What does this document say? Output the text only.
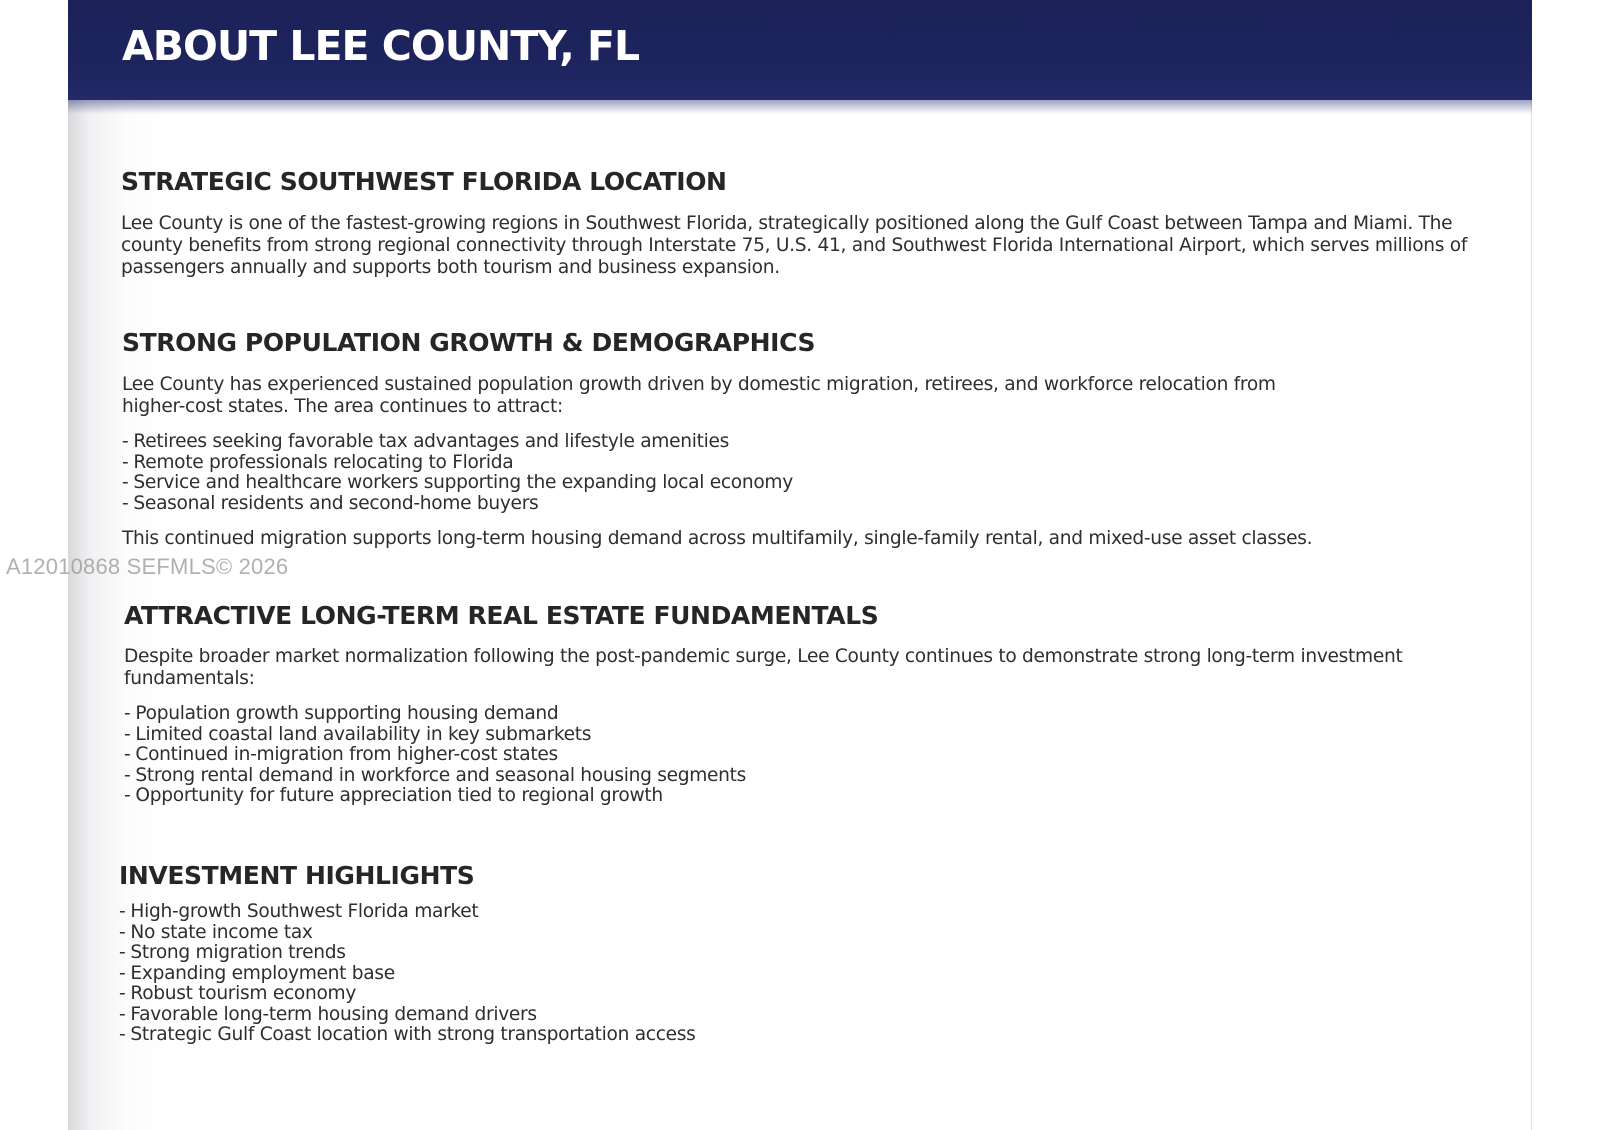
ABOUT LEE COUNTY, FL
STRATEGIC SOUTHWEST FLORIDA LOCATION

Lee County is one of the fastest-growing regions in Southwest Florida, strategically positioned along the Gulf Coast between Tampa and Miami. The county benefits from strong regional connectivity through Interstate 75, U.S. 41, and Southwest Florida International Airport, which serves millions of passengers annually and supports both tourism and business expansion.

STRONG POPULATION GROWTH & DEMOGRAPHICS

Lee County has experienced sustained population growth driven by domestic migration, retirees, and workforce relocation from higher-cost states. The area continues to attract:

- Retirees seeking favorable tax advantages and lifestyle amenities
- Remote professionals relocating to Florida
- Service and healthcare workers supporting the expanding local economy
- Seasonal residents and second-home buyers

This continued migration supports long-term housing demand across multifamily, single-family rental, and mixed-use asset classes.

ATTRACTIVE LONG-TERM REAL ESTATE FUNDAMENTALS

Despite broader market normalization following the post-pandemic surge, Lee County continues to demonstrate strong long-term investment fundamentals:

- Population growth supporting housing demand
- Limited coastal land availability in key submarkets
- Continued in-migration from higher-cost states
- Strong rental demand in workforce and seasonal housing segments
- Opportunity for future appreciation tied to regional growth
INVESTMENT HIGHLIGHTS
- High-growth Southwest Florida market
- No state income tax
- Strong migration trends
- Expanding employment base
- Robust tourism economy
- Favorable long-term housing demand drivers
- Strategic Gulf Coast location with strong transportation access
A12010868 SEFMLS© 2026
